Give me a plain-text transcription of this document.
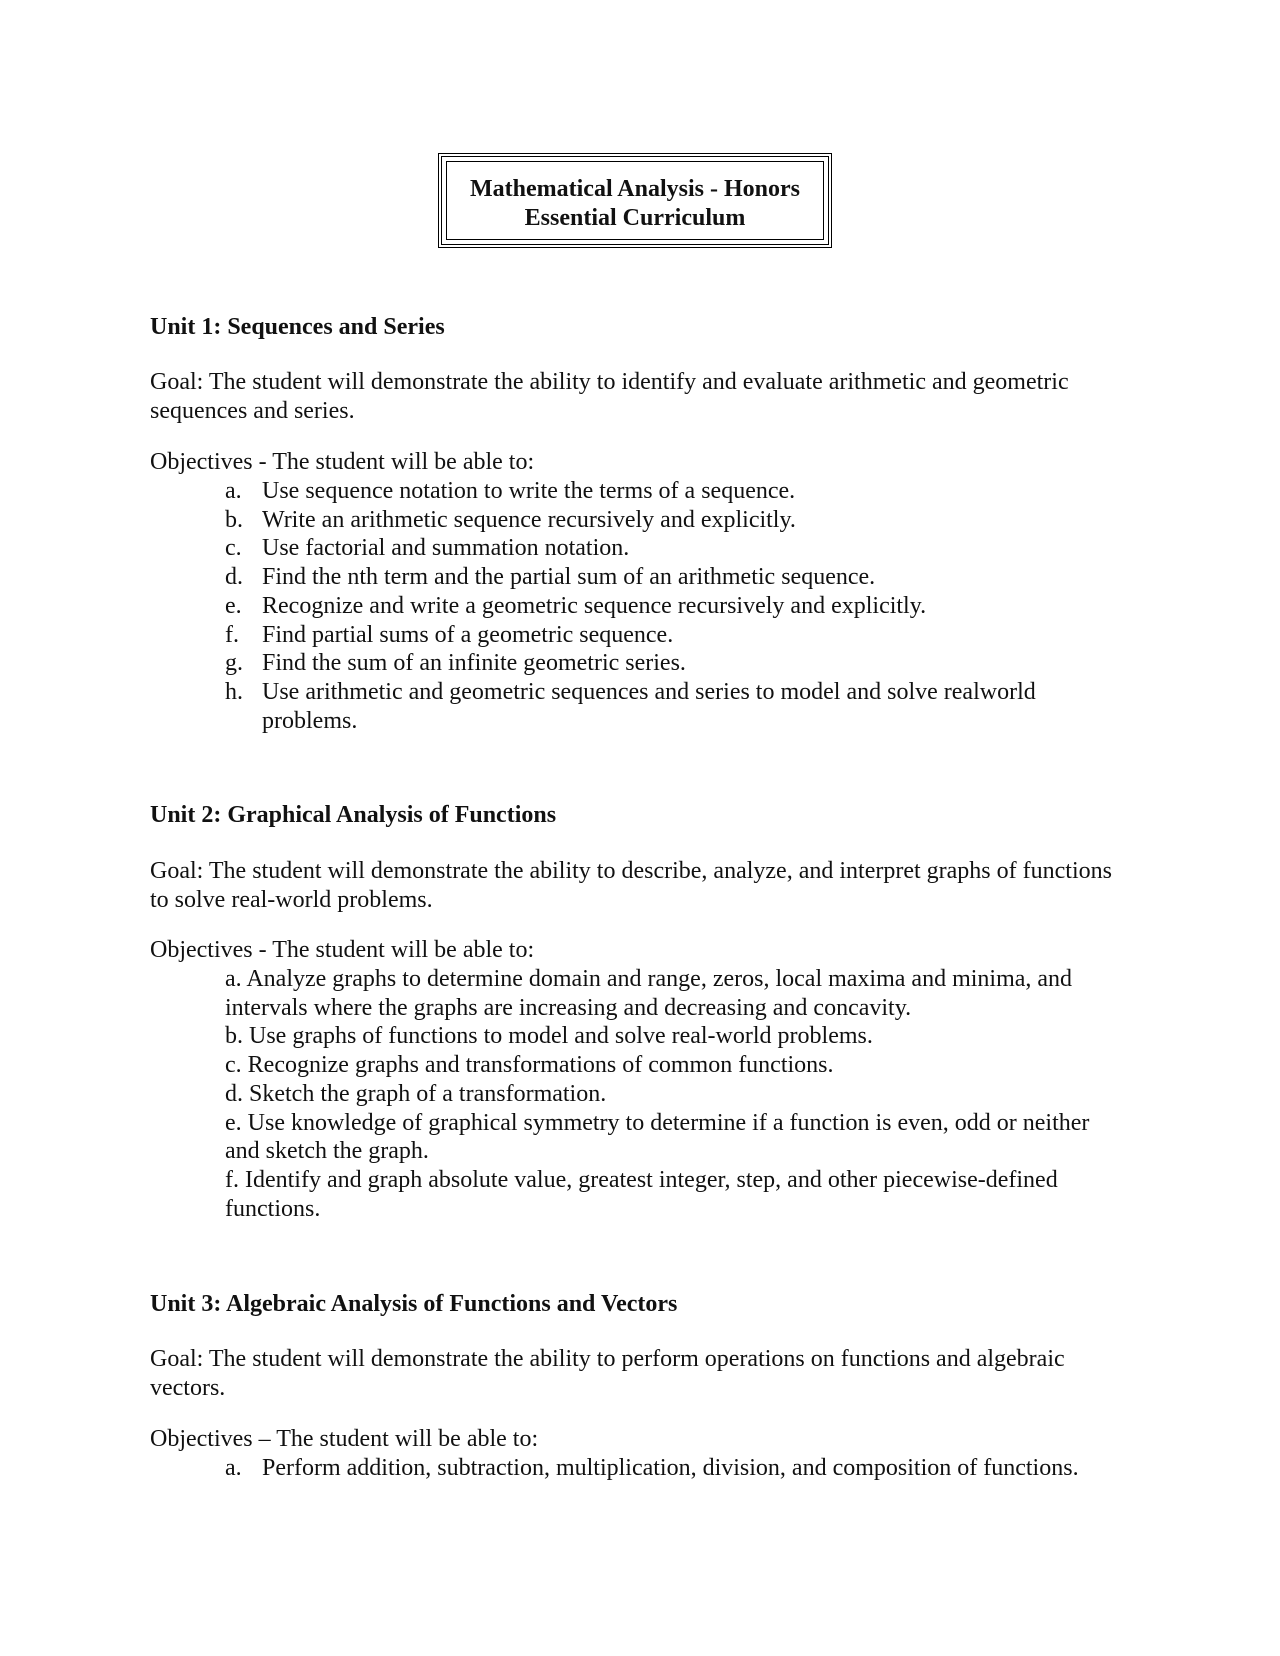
Mathematical Analysis - Honors
Essential Curriculum
Unit 1: Sequences and Series
Goal: The student will demonstrate the ability to identify and evaluate arithmetic and geometric sequences and series.
Objectives - The student will be able to:
a. Use sequence notation to write the terms of a sequence.
b. Write an arithmetic sequence recursively and explicitly.
c. Use factorial and summation notation.
d. Find the nth term and the partial sum of an arithmetic sequence.
e. Recognize and write a geometric sequence recursively and explicitly.
f. Find partial sums of a geometric sequence.
g. Find the sum of an infinite geometric series.
h. Use arithmetic and geometric sequences and series to model and solve realworld problems.
Unit 2: Graphical Analysis of Functions
Goal: The student will demonstrate the ability to describe, analyze, and interpret graphs of functions to solve real-world problems.
Objectives - The student will be able to:
a. Analyze graphs to determine domain and range, zeros, local maxima and minima, and intervals where the graphs are increasing and decreasing and concavity.
b. Use graphs of functions to model and solve real-world problems.
c. Recognize graphs and transformations of common functions.
d. Sketch the graph of a transformation.
e. Use knowledge of graphical symmetry to determine if a function is even, odd or neither and sketch the graph.
f. Identify and graph absolute value, greatest integer, step, and other piecewise-defined functions.
Unit 3: Algebraic Analysis of Functions and Vectors
Goal: The student will demonstrate the ability to perform operations on functions and algebraic vectors.
Objectives – The student will be able to:
a. Perform addition, subtraction, multiplication, division, and composition of functions.
